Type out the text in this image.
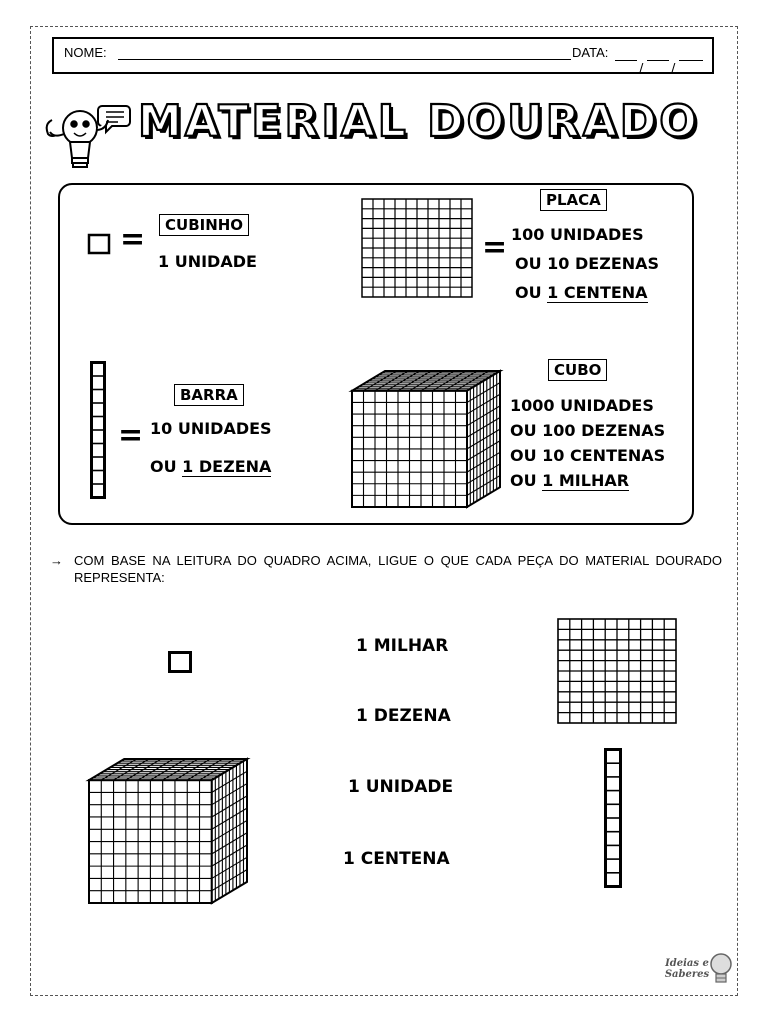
NOME:	DATA:
/ /
MATERIAL DOURADO
=	CUBINHO
1 UNIDADE	=
PLACA
100 UNIDADES
OU 10 DEZENAS
OU 1 CENTENA
=
BARRA
10 UNIDADES
OU 1 DEZENA
CUBO
1000 UNIDADES
OU 100 DEZENAS
OU 10 CENTENAS
OU 1 MILHAR
→ COM BASE NA LEITURA DO QUADRO ACIMA, LIGUE O QUE CADA PEÇA DO MATERIAL DOURADO REPRESENTA:
1 MILHAR
1 DEZENA
1 UNIDADE
1 CENTENA
Ideias e
Saberes
